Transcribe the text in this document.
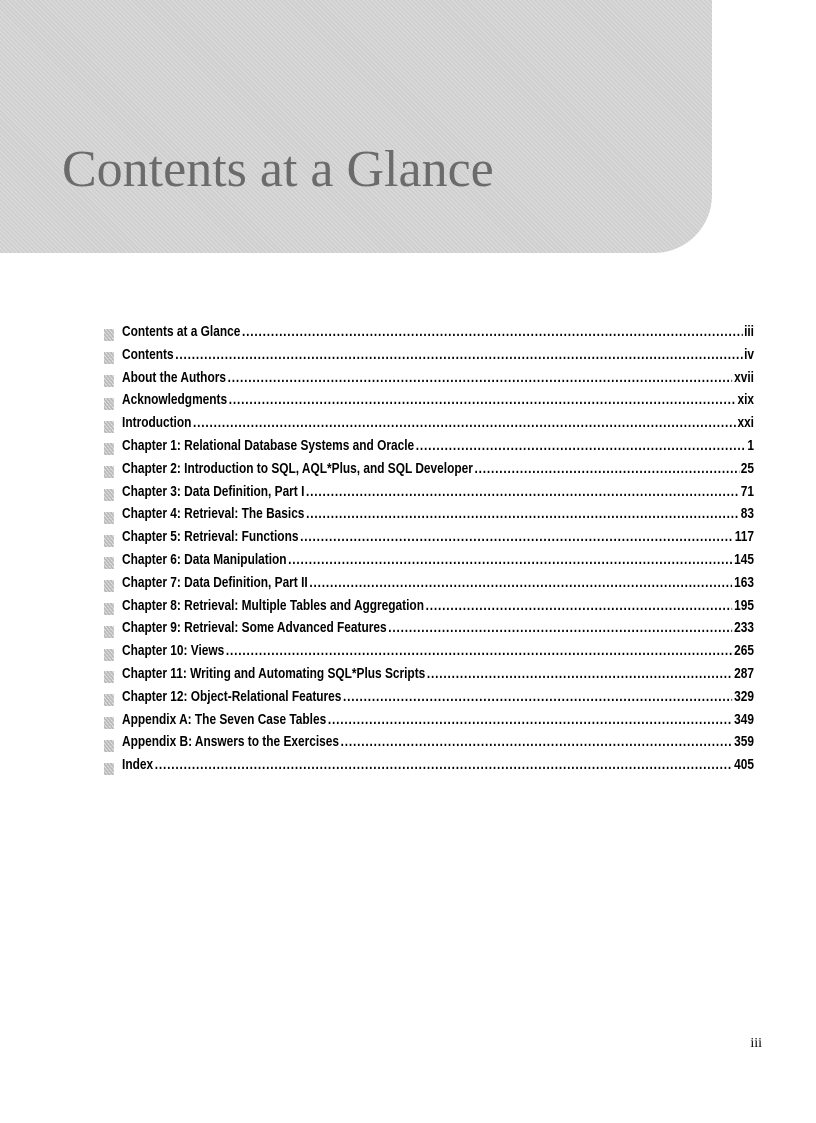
Contents at a Glance
Contents at a Glance .....	iii
Contents .....	iv
About the Authors .....	xvii
Acknowledgments .....	xix
Introduction .....	xxi
Chapter 1: Relational Database Systems and Oracle .....	1
Chapter 2: Introduction to SQL, AQL*Plus, and SQL Developer .....	25
Chapter 3: Data Definition, Part I .....	71
Chapter 4: Retrieval: The Basics .....	83
Chapter 5: Retrieval: Functions .....	117
Chapter 6: Data Manipulation .....	145
Chapter 7: Data Definition, Part II .....	163
Chapter 8: Retrieval: Multiple Tables and Aggregation .....	195
Chapter 9: Retrieval: Some Advanced Features .....	233
Chapter 10: Views .....	265
Chapter 11: Writing and Automating SQL*Plus Scripts .....	287
Chapter 12: Object-Relational Features .....	329
Appendix A: The Seven Case Tables .....	349
Appendix B: Answers to the Exercises .....	359
Index .....	405
iii
